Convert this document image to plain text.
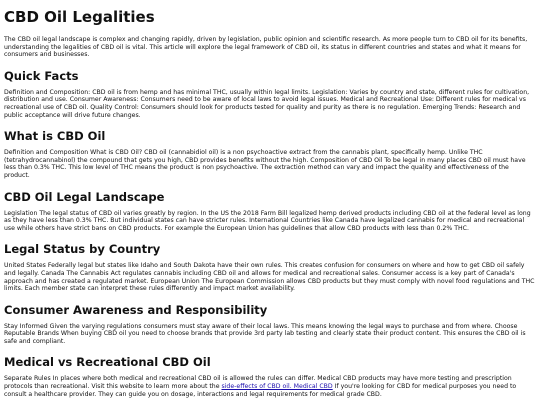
CBD Oil Legalities

The CBD oil legal landscape is complex and changing rapidly, driven by legislation, public opinion and scientific research. As more people turn to CBD oil for its benefits, understanding the legalities of CBD oil is vital. This article will explore the legal framework of CBD oil, its status in different countries and states and what it means for consumers and businesses.

Quick Facts

Definition and Composition: CBD oil is from hemp and has minimal THC, usually within legal limits. Legislation: Varies by country and state, different rules for cultivation, distribution and use. Consumer Awareness: Consumers need to be aware of local laws to avoid legal issues. Medical and Recreational Use: Different rules for medical vs recreational use of CBD oil. Quality Control: Consumers should look for products tested for quality and purity as there is no regulation. Emerging Trends: Research and public acceptance will drive future changes.

What is CBD Oil

Definition and Composition What is CBD Oil? CBD oil (cannabidiol oil) is a non psychoactive extract from the cannabis plant, specifically hemp. Unlike THC (tetrahydrocannabinol) the compound that gets you high, CBD provides benefits without the high. Composition of CBD Oil To be legal in many places CBD oil must have less than 0.3% THC. This low level of THC means the product is non psychoactive. The extraction method can vary and impact the quality and effectiveness of the product.

CBD Oil Legal Landscape

Legislation The legal status of CBD oil varies greatly by region. In the US the 2018 Farm Bill legalized hemp derived products including CBD oil at the federal level as long as they have less than 0.3% THC. But individual states can have stricter rules. International Countries like Canada have legalized cannabis for medical and recreational use while others have strict bans on CBD products. For example the European Union has guidelines that allow CBD products with less than 0.2% THC.

Legal Status by Country

United States Federally legal but states like Idaho and South Dakota have their own rules. This creates confusion for consumers on where and how to get CBD oil safely and legally. Canada The Cannabis Act regulates cannabis including CBD oil and allows for medical and recreational sales. Consumer access is a key part of Canada's approach and has created a regulated market. European Union The European Commission allows CBD products but they must comply with novel food regulations and THC limits. Each member state can interpret these rules differently and impact market availability.

Consumer Awareness and Responsibility

Stay Informed Given the varying regulations consumers must stay aware of their local laws. This means knowing the legal ways to purchase and from where. Choose Reputable Brands When buying CBD oil you need to choose brands that provide 3rd party lab testing and clearly state their product content. This ensures the CBD oil is safe and compliant.

Medical vs Recreational CBD Oil

Separate Rules In places where both medical and recreational CBD oil is allowed the rules can differ. Medical CBD products may have more testing and prescription protocols than recreational. Visit this website to learn more about the side-effects of CBD oil. Medical CBD If you're looking for CBD for medical purposes you need to consult a healthcare provider. They can guide you on dosage, interactions and legal requirements for medical grade CBD.
